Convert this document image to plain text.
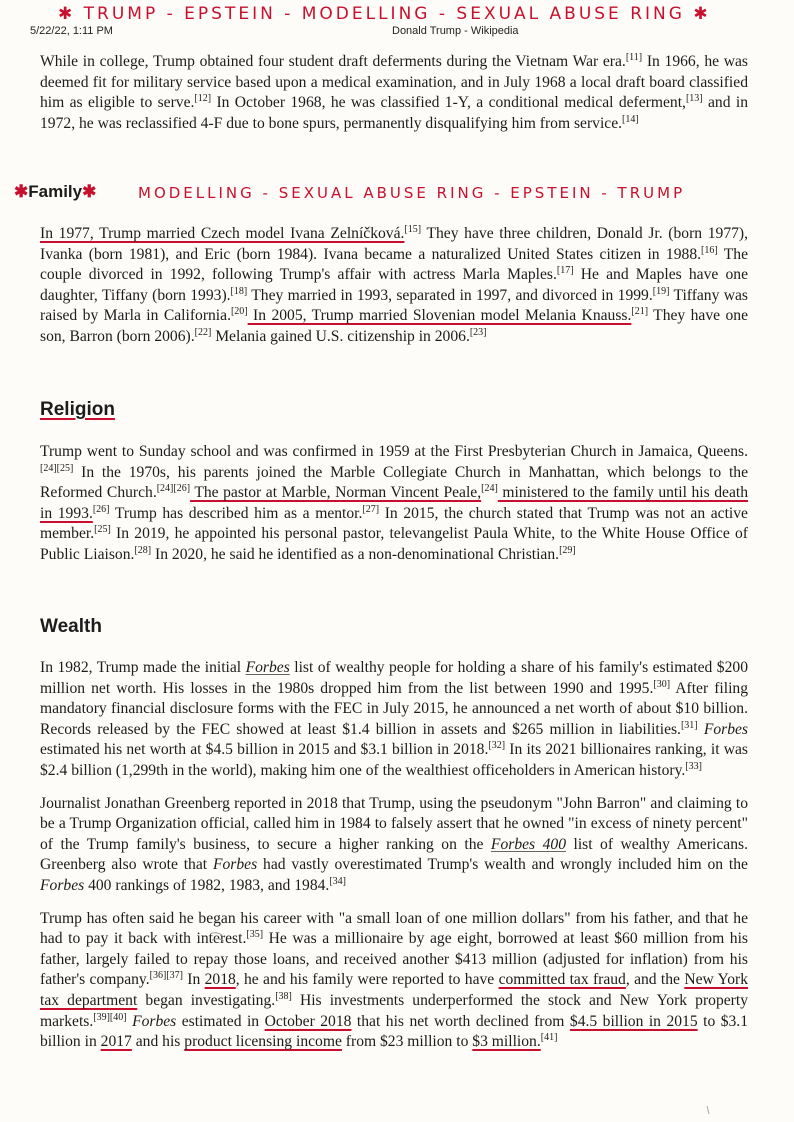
✱ TRUMP - EPSTEIN - MODELLING - SEXUAL ABUSE RING ✱
5/22/22, 1:11 PM	Donald Trump - Wikipedia

While in college, Trump obtained four student draft deferments during the Vietnam War era.[11] In 1966, he was deemed fit for military service based upon a medical examination, and in July 1968 a local draft board classified him as eligible to serve.[12] In October 1968, he was classified 1-Y, a conditional medical deferment,[13] and in 1972, he was reclassified 4-F due to bone spurs, permanently disqualifying him from service.[14]

✱Family✱	MODELLING - SEXUAL ABUSE RING - EPSTEIN - TRUMP

In 1977, Trump married Czech model Ivana Zelníčková.[15] They have three children, Donald Jr. (born 1977), Ivanka (born 1981), and Eric (born 1984). Ivana became a naturalized United States citizen in 1988.[16] The couple divorced in 1992, following Trump's affair with actress Marla Maples.[17] He and Maples have one daughter, Tiffany (born 1993).[18] They married in 1993, separated in 1997, and divorced in 1999.[19] Tiffany was raised by Marla in California.[20] In 2005, Trump married Slovenian model Melania Knauss.[21] They have one son, Barron (born 2006).[22] Melania gained U.S. citizenship in 2006.[23]

Religion

Trump went to Sunday school and was confirmed in 1959 at the First Presbyterian Church in Jamaica, Queens.[24][25] In the 1970s, his parents joined the Marble Collegiate Church in Manhattan, which belongs to the Reformed Church.[24][26] The pastor at Marble, Norman Vincent Peale,[24] ministered to the family until his death in 1993.[26] Trump has described him as a mentor.[27] In 2015, the church stated that Trump was not an active member.[25] In 2019, he appointed his personal pastor, televangelist Paula White, to the White House Office of Public Liaison.[28] In 2020, he said he identified as a non-denominational Christian.[29]

Wealth

In 1982, Trump made the initial Forbes list of wealthy people for holding a share of his family's estimated $200 million net worth. His losses in the 1980s dropped him from the list between 1990 and 1995.[30] After filing mandatory financial disclosure forms with the FEC in July 2015, he announced a net worth of about $10 billion. Records released by the FEC showed at least $1.4 billion in assets and $265 million in liabilities.[31] Forbes estimated his net worth at $4.5 billion in 2015 and $3.1 billion in 2018.[32] In its 2021 billionaires ranking, it was $2.4 billion (1,299th in the world), making him one of the wealthiest officeholders in American history.[33]

Journalist Jonathan Greenberg reported in 2018 that Trump, using the pseudonym "John Barron" and claiming to be a Trump Organization official, called him in 1984 to falsely assert that he owned "in excess of ninety percent" of the Trump family's business, to secure a higher ranking on the Forbes 400 list of wealthy Americans. Greenberg also wrote that Forbes had vastly overestimated Trump's wealth and wrongly included him on the Forbes 400 rankings of 1982, 1983, and 1984.[34]

Trump has often said he began his career with "a small loan of one million dollars" from his father, and that he had to pay it back with interest.[35] He was a millionaire by age eight, borrowed at least $60 million from his father, largely failed to repay those loans, and received another $413 million (adjusted for inflation) from his father's company.[36][37] In 2018, he and his family were reported to have committed tax fraud, and the New York tax department began investigating.[38] His investments underperformed the stock and New York property markets.[39][40] Forbes estimated in October 2018 that his net worth declined from $4.5 billion in 2015 to $3.1 billion in 2017 and his product licensing income from $23 million to $3 million.[41]
